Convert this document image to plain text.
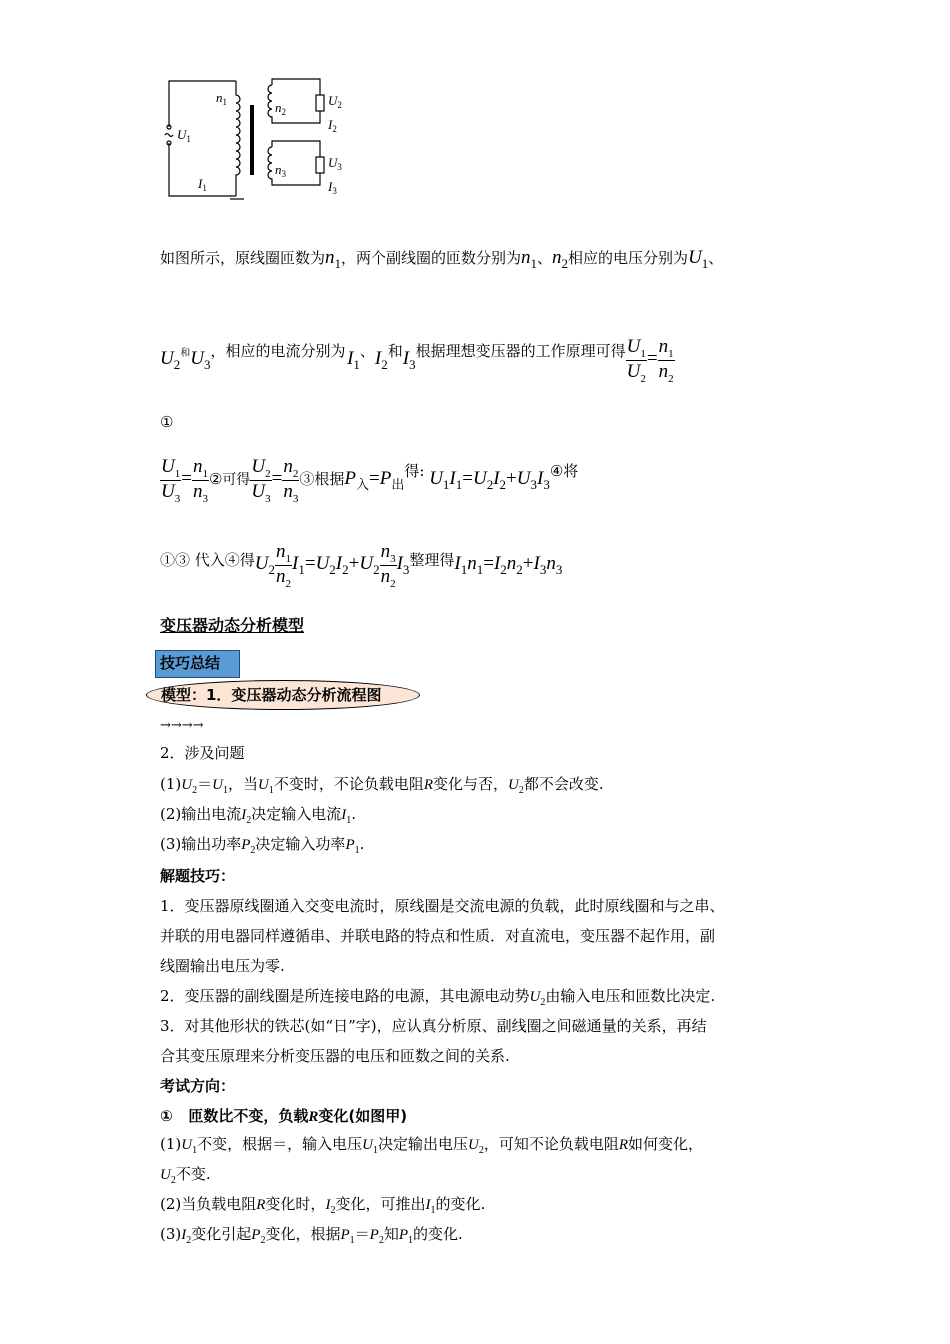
$n_1$
$U_1$
$I_1$
$n_2$
$U_2$
$I_2$
$n_3$
$U_3$
$I_3$
如图所示，原线圈匝数为n1，两个副线圈的匝数分别为n1、n2相应的电压分别为U1、
$U2^和U3$，相应的电流分别为 I1、I2和I3根据理想变压器的工作原理可得 $\frac{U_1}{U_2} = \frac{n_1}{n_2}$
①
$\frac{U_1}{U_3} = \frac{n_1}{n_3}$ ②可得 $\frac{U_2}{U_3} = \frac{n_2}{n_3}$ ③根据P入=P出得: U1I1=U2I2+U3I3④将
①③ 代入④得$U2 \frac{n_1}{n_2} I1=U2I2+U2 \frac{n_3}{n_2} I3$整理得I1n1=I2n2+I3n3
变压器动态分析模型
技巧总结
模型：1．变压器动态分析流程图
→→→→
2．涉及问题
$(1)U_2=U_1$，当$U_1$不变时，不论负载电阻R变化与否，$U_2$都不会改变.
(2)输出电流$I_2$决定输入电流$I_1$.
(3)输出功率$P_2$决定输入功率$P_1$.
解题技巧：
1．变压器原线圈通入交变电流时，原线圈是交流电源的负载，此时原线圈和与之串、
并联的用电器同样遵循串、并联电路的特点和性质．对直流电，变压器不起作用，副
线圈输出电压为零.
2．变压器的副线圈是所连接电路的电源，其电源电动势$U_2$由输入电压和匝数比决定.
3．对其他形状的铁芯(如“日”字)，应认真分析原、副线圈之间磁通量的关系，再结
合其变压原理来分析变压器的电压和匝数之间的关系.
考试方向：
① 匝数比不变，负载R变化(如图甲)
$(1)U_1$不变，根据＝，输入电压$U_1$决定输出电压$U_2$，可知不论负载电阻R如何变化，
$U_2$不变.
(2)当负载电阻R变化时，$I_2$变化，可推出$I_1$的变化.
$(3)I_2$变化引起$P_2$变化，根据$P_1=P_2$知$P_1$的变化.
